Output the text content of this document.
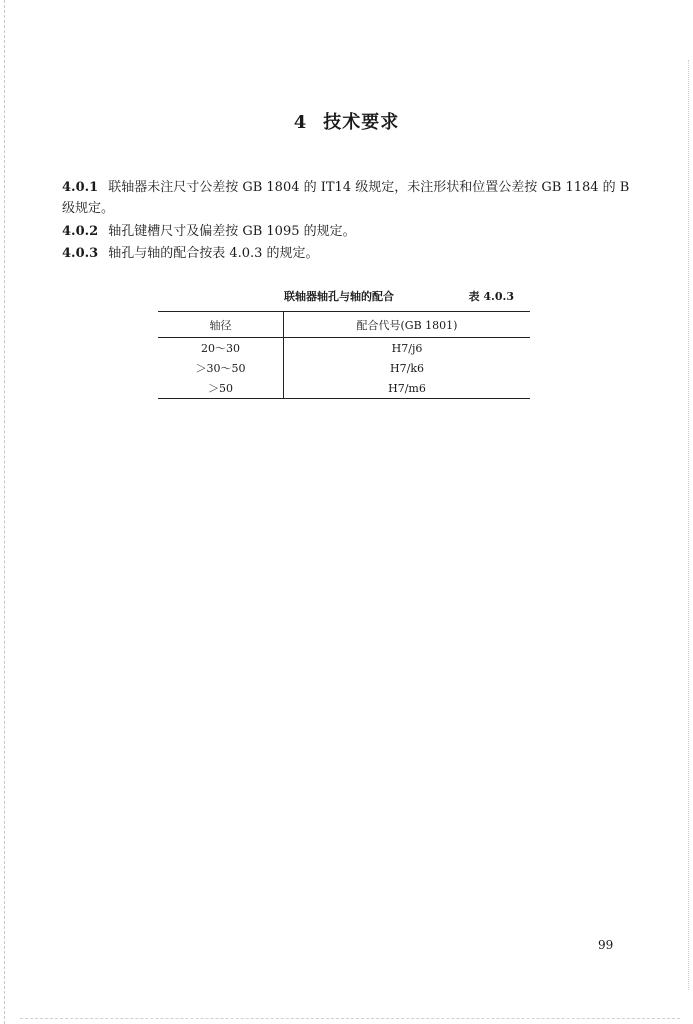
4 技术要求
4.0.1 联轴器未注尺寸公差按 GB 1804 的 IT14 级规定，未注形状和位置公差按 GB 1184 的 B 级规定。
4.0.2 轴孔键槽尺寸及偏差按 GB 1095 的规定。
4.0.3 轴孔与轴的配合按表 4.0.3 的规定。
联轴器轴孔与轴的配合	表 4.0.3
轴径	配合代号(GB 1801)
20～30	H7/j6
＞30～50	H7/k6
＞50	H7/m6
99
